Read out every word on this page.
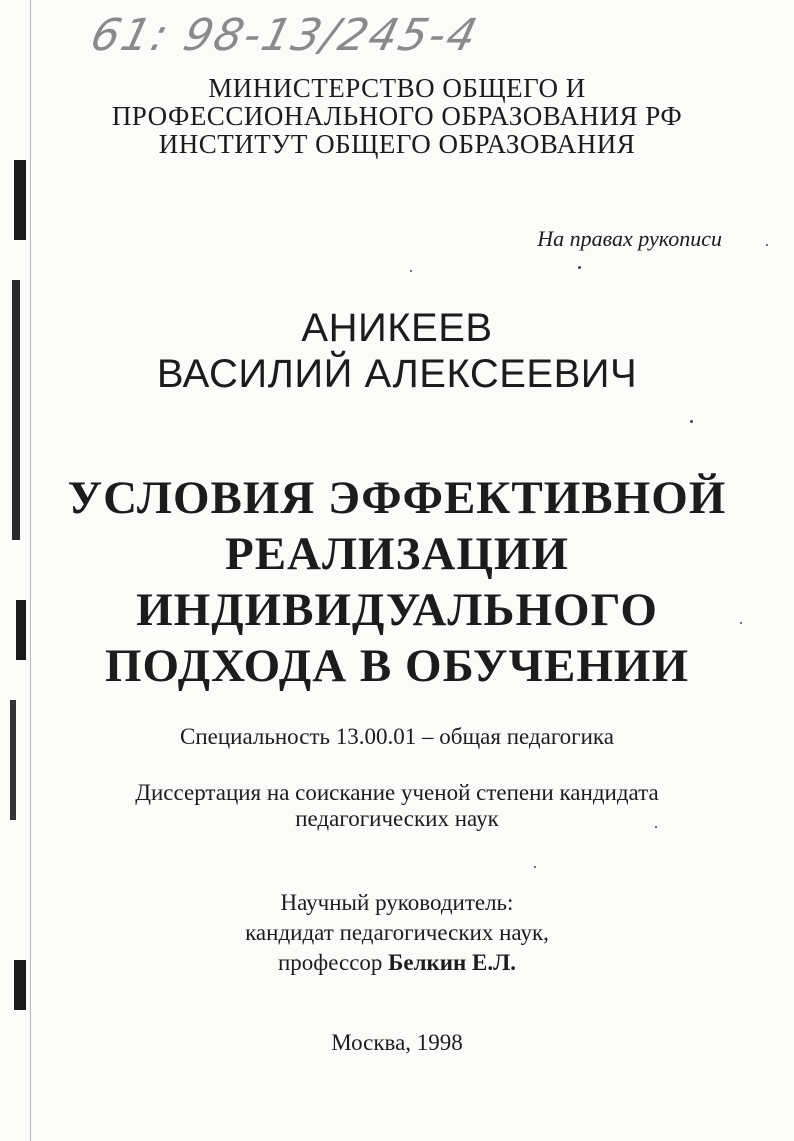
61: 98-13/245-4
МИНИСТЕРСТВО ОБЩЕГО И
ПРОФЕССИОНАЛЬНОГО ОБРАЗОВАНИЯ РФ
ИНСТИТУТ ОБЩЕГО ОБРАЗОВАНИЯ
На правах рукописи
АНИКЕЕВ
ВАСИЛИЙ АЛЕКСЕЕВИЧ
УСЛОВИЯ ЭФФЕКТИВНОЙ
РЕАЛИЗАЦИИ
ИНДИВИДУАЛЬНОГО
ПОДХОДА В ОБУЧЕНИИ
Специальность 13.00.01 – общая педагогика
Диссертация на соискание ученой степени кандидата
педагогических наук
Научный руководитель:
кандидат педагогических наук,
профессор Белкин Е.Л.
Москва, 1998
